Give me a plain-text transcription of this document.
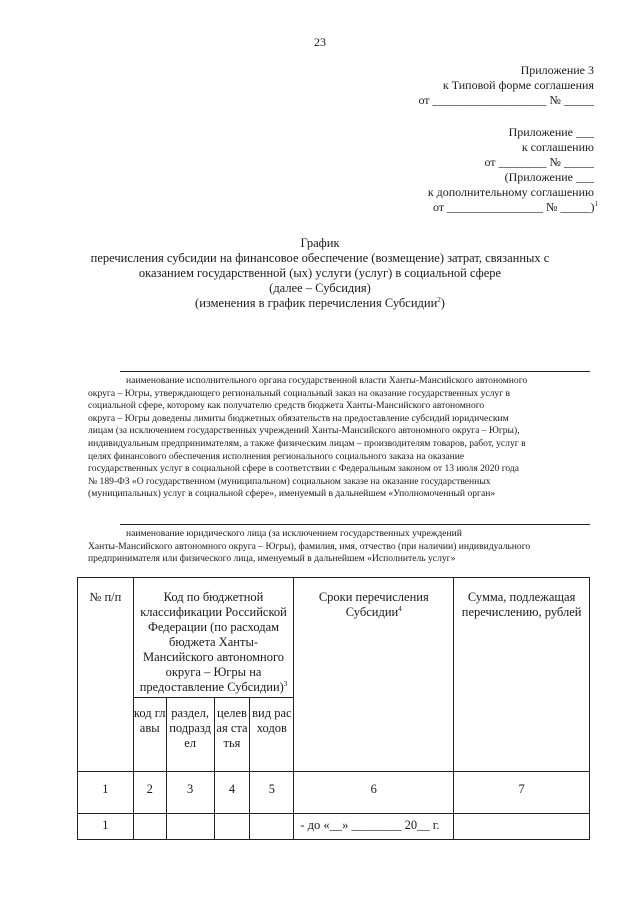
23
Приложение 3
к Типовой форме соглашения
от ___________________ № _____
Приложение ___
к соглашению
от ________ № _____
(Приложение ___
к дополнительному соглашению
от ________________ № _____)$^1$
График
перечисления субсидии на финансовое обеспечение (возмещение) затрат, связанных с
оказанием государственной (ых) услуги (услуг) в социальной сфере
(далее – Субсидия)
(изменения в график перечисления Субсидии$^2$)

наименование исполнительного органа государственной власти Ханты-Мансийского автономного

округа – Югры, утверждающего региональный социальный заказ на оказание государственных услуг в

социальной сфере, которому как получателю средств бюджета Ханты-Мансийского автономного

округа – Югры доведены лимиты бюджетных обязательств на предоставление субсидий юридическим

лицам (за исключением государственных учреждений Ханты-Мансийского автономного округа – Югры),

индивидуальным предпринимателям, а также физическим лицам – производителям товаров, работ, услуг в

целях финансового обеспечения исполнения регионального социального заказа на оказание

государственных услуг в социальной сфере в соответствии с Федеральным законом от 13 июля 2020 года

№ 189-ФЗ «О государственном (муниципальном) социальном заказе на оказание государственных

(муниципальных) услуг в социальной сфере», именуемый в дальнейшем «Уполномоченный орган»

наименование юридического лица (за исключением государственных учреждений

Ханты-Мансийского автономного округа – Югры), фамилия, имя, отчество (при наличии) индивидуального

предпринимателя или физического лица, именуемый в дальнейшем «Исполнитель услуг»

№ п/п	Код по бюджетной классификации Российской Федерации (по расходам бюджета Ханты-Мансийского автономного округа – Югры на предоставление Субсидии)$^3$				Сроки перечисления Субсидии$^4$	Сумма, подлежащая перечислению, рублей
	код главы	раздел, подраздел	целевая статья	вид расходов		
1	2	3	4	5	6	7
1					- до «__» ________ 20__ г.	
